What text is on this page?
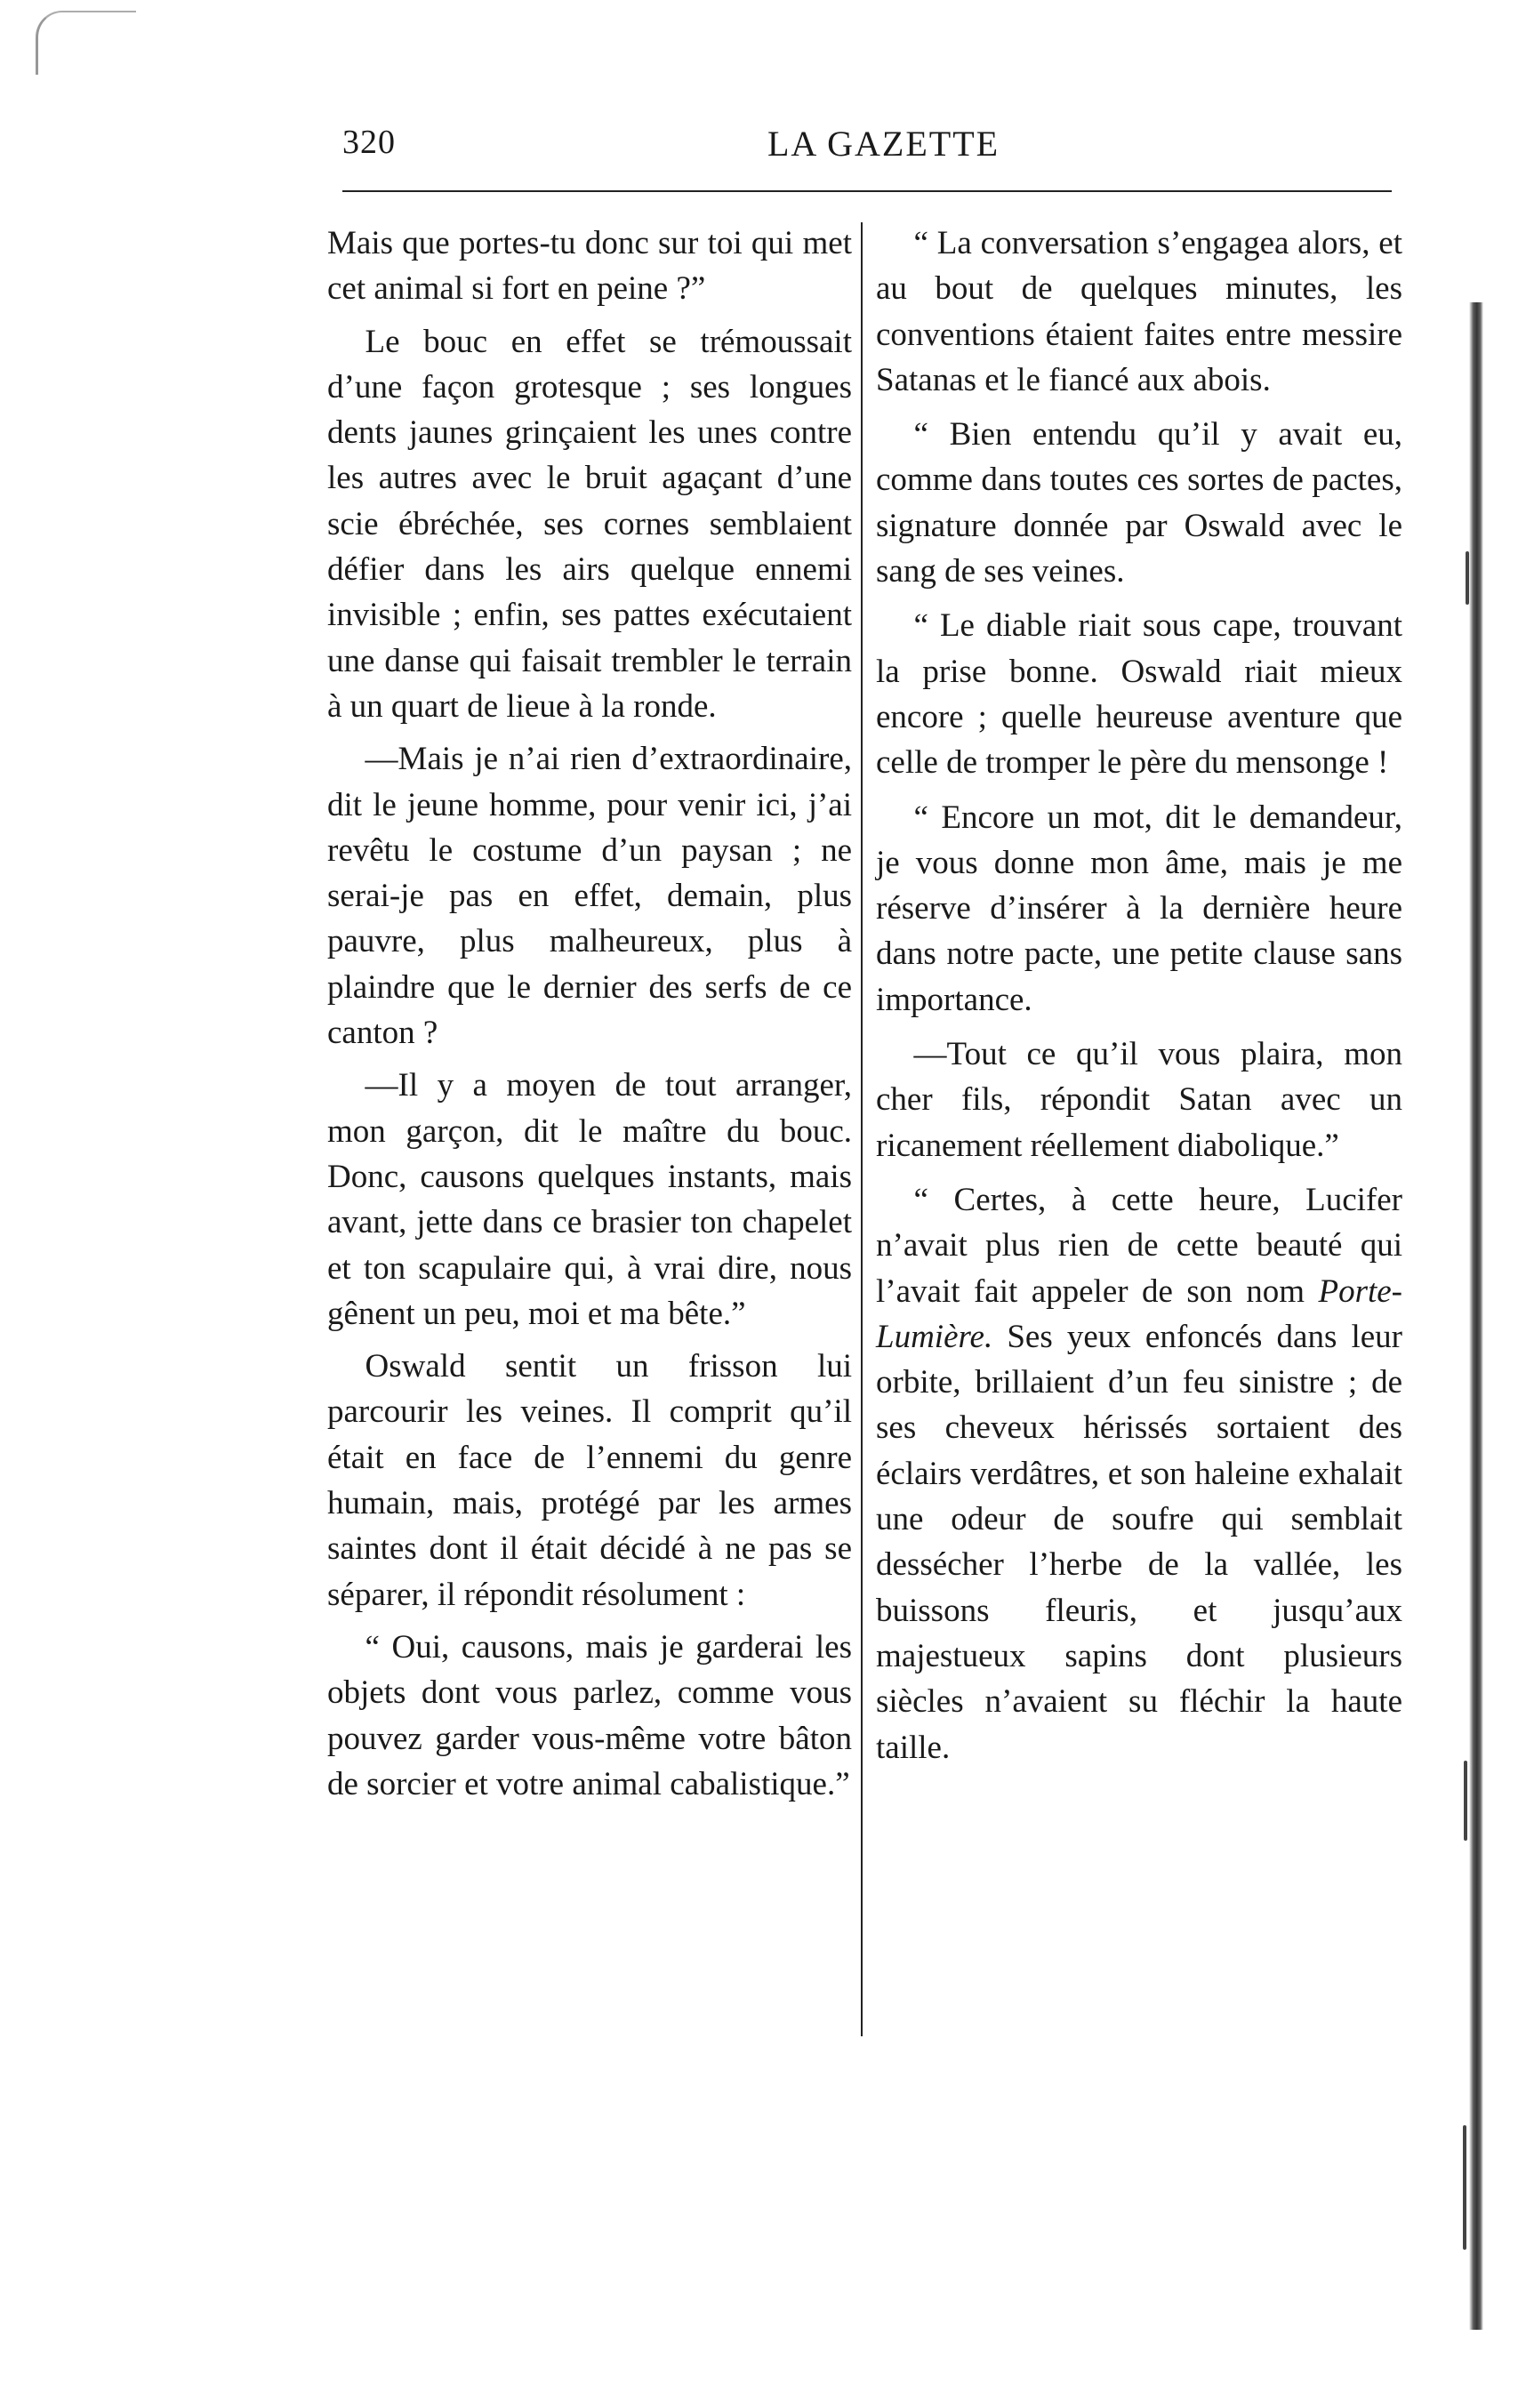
320	LA GAZETTE

Mais que portes-tu donc sur toi qui met cet animal si fort en peine ?”

Le bouc en effet se trémoussait d’une façon grotesque ; ses longues dents jaunes grinçaient les unes contre les autres avec le bruit agaçant d’une scie ébréchée, ses cornes semblaient défier dans les airs quelque ennemi invisible ; enfin, ses pattes exécutaient une danse qui faisait trembler le terrain à un quart de lieue à la ronde.

—Mais je n’ai rien d’extraordinaire, dit le jeune homme, pour venir ici, j’ai revêtu le costume d’un paysan ; ne serai-je pas en effet, demain, plus pauvre, plus malheureux, plus à plaindre que le dernier des serfs de ce canton ?

—Il y a moyen de tout arranger, mon garçon, dit le maître du bouc. Donc, causons quelques instants, mais avant, jette dans ce brasier ton chapelet et ton scapulaire qui, à vrai dire, nous gênent un peu, moi et ma bête.”

Oswald sentit un frisson lui parcourir les veines. Il comprit qu’il était en face de l’ennemi du genre humain, mais, protégé par les armes saintes dont il était décidé à ne pas se séparer, il répondit résolument :

“ Oui, causons, mais je garderai les objets dont vous parlez, comme vous pouvez garder vous-même votre bâton de sorcier et votre animal cabalistique.”

“ La conversation s’engagea alors, et au bout de quelques minutes, les conventions étaient faites entre messire Satanas et le fiancé aux abois.

“ Bien entendu qu’il y avait eu, comme dans toutes ces sortes de pactes, signature donnée par Oswald avec le sang de ses veines.

“ Le diable riait sous cape, trouvant la prise bonne. Oswald riait mieux encore ; quelle heureuse aventure que celle de tromper le père du mensonge !

“ Encore un mot, dit le demandeur, je vous donne mon âme, mais je me réserve d’insérer à la dernière heure dans notre pacte, une petite clause sans importance.

—Tout ce qu’il vous plaira, mon cher fils, répondit Satan avec un ricanement réellement diabolique.”

“ Certes, à cette heure, Lucifer n’avait plus rien de cette beauté qui l’avait fait appeler de son nom Porte-Lumière. Ses yeux enfoncés dans leur orbite, brillaient d’un feu sinistre ; de ses cheveux hérissés sortaient des éclairs verdâtres, et son haleine exhalait une odeur de soufre qui semblait dessécher l’herbe de la vallée, les buissons fleuris, et jusqu’aux majestueux sapins dont plusieurs siècles n’avaient su fléchir la haute taille.
